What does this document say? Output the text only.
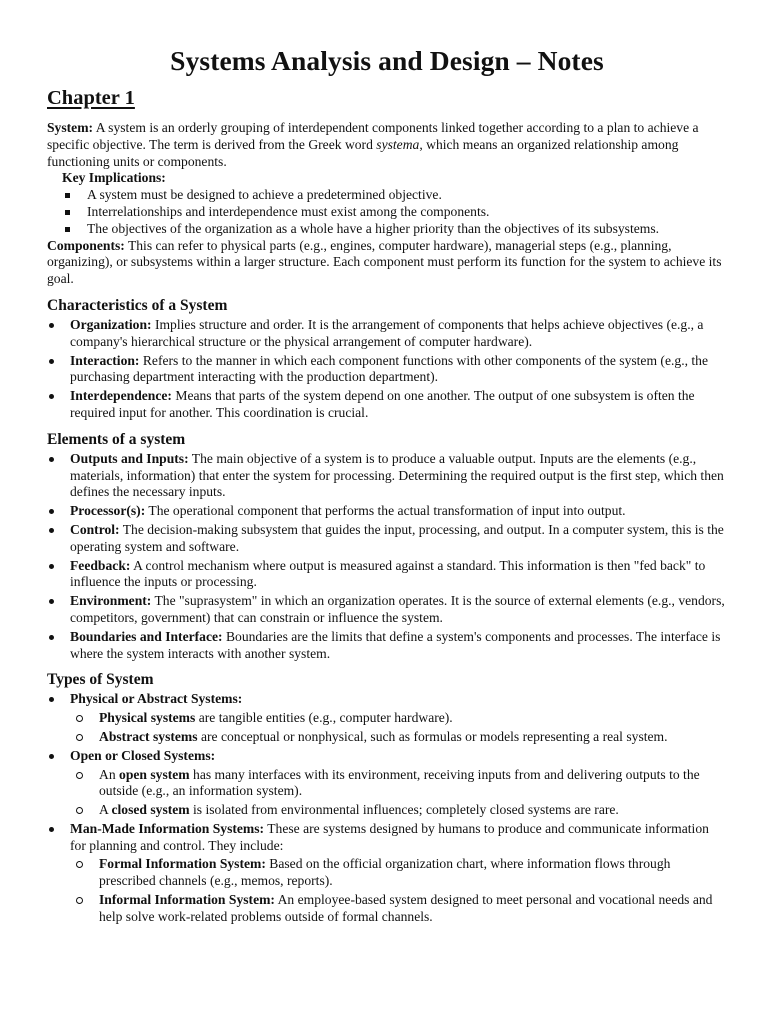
Systems Analysis and Design – Notes
Chapter 1

System: A system is an orderly grouping of interdependent components linked together according to a plan to achieve a specific objective. The term is derived from the Greek word systema, which means an organized relationship among functioning units or components.

Key Implications:

A system must be designed to achieve a predetermined objective.
Interrelationships and interdependence must exist among the components.
The objectives of the organization as a whole have a higher priority than the objectives of its subsystems.

Components: This can refer to physical parts (e.g., engines, computer hardware), managerial steps (e.g., planning, organizing), or subsystems within a larger structure. Each component must perform its function for the system to achieve its goal.

Characteristics of a System
Organization: Implies structure and order. It is the arrangement of components that helps achieve objectives (e.g., a company's hierarchical structure or the physical arrangement of computer hardware).
Interaction: Refers to the manner in which each component functions with other components of the system (e.g., the purchasing department interacting with the production department).
Interdependence: Means that parts of the system depend on one another. The output of one subsystem is often the required input for another. This coordination is crucial.
Elements of a system
Outputs and Inputs: The main objective of a system is to produce a valuable output. Inputs are the elements (e.g., materials, information) that enter the system for processing. Determining the required output is the first step, which then defines the necessary inputs.
Processor(s): The operational component that performs the actual transformation of input into output.
Control: The decision-making subsystem that guides the input, processing, and output. In a computer system, this is the operating system and software.
Feedback: A control mechanism where output is measured against a standard. This information is then "fed back" to influence the inputs or processing.
Environment: The "suprasystem" in which an organization operates. It is the source of external elements (e.g., vendors, competitors, government) that can constrain or influence the system.
Boundaries and Interface: Boundaries are the limits that define a system's components and processes. The interface is where the system interacts with another system.
Types of System
Physical or Abstract Systems:
Physical systems are tangible entities (e.g., computer hardware).
Abstract systems are conceptual or nonphysical, such as formulas or models representing a real system.
Open or Closed Systems:
An open system has many interfaces with its environment, receiving inputs from and delivering outputs to the outside (e.g., an information system).
A closed system is isolated from environmental influences; completely closed systems are rare.
Man-Made Information Systems: These are systems designed by humans to produce and communicate information for planning and control. They include:
Formal Information System: Based on the official organization chart, where information flows through prescribed channels (e.g., memos, reports).
Informal Information System: An employee-based system designed to meet personal and vocational needs and help solve work-related problems outside of formal channels.
